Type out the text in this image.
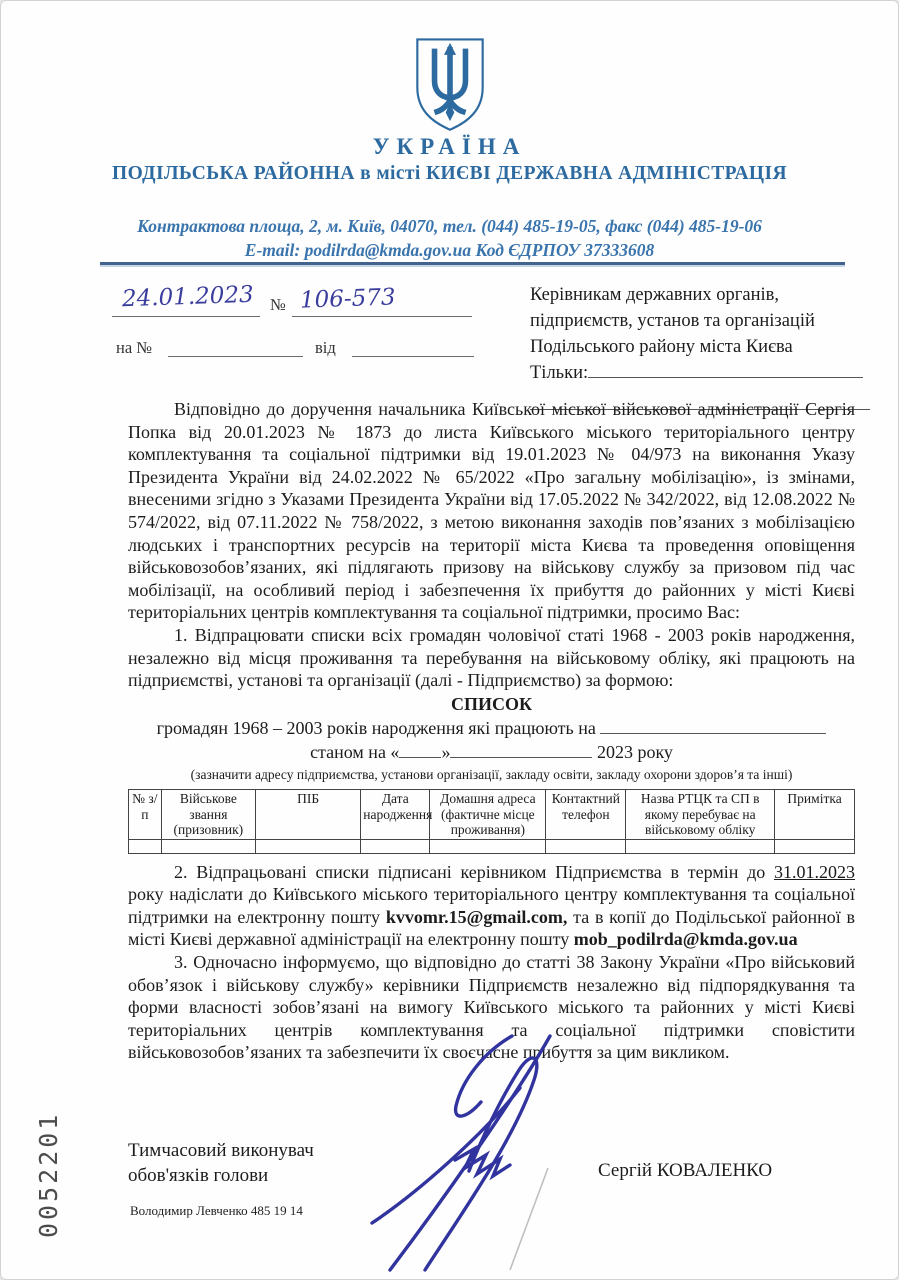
УКРАЇНА
ПОДІЛЬСЬКА РАЙОННА в місті КИЄВІ ДЕРЖАВНА АДМІНІСТРАЦІЯ
Контрактова площа, 2, м. Київ, 04070, тел. (044) 485-19-05, факс (044) 485-19-06
E-mail: podilrda@kmda.gov.ua Код ЄДРПОУ 37333608
24.01.2023 № 106-573
на №	від
Керівникам державних органів,
підприємств, установ та організацій
Подільського району міста Києва
Тільки:

Відповідно до доручення начальника Київської міської військової адміністрації Сергія Попка від 20.01.2023 № 1873 до листа Київського міського територіального центру комплектування та соціальної підтримки від 19.01.2023 № 04/973 на виконання Указу Президента України від 24.02.2022 № 65/2022 «Про загальну мобілізацію», із змінами, внесеними згідно з Указами Президента України від 17.05.2022 № 342/2022, від 12.08.2022 № 574/2022, від 07.11.2022 № 758/2022, з метою виконання заходів пов’язаних з мобілізацією людських і транспортних ресурсів на території міста Києва та проведення оповіщення військовозобов’язаних, які підлягають призову на військову службу за призовом під час мобілізації, на особливий період і забезпечення їх прибуття до районних у місті Києві територіальних центрів комплектування та соціальної підтримки, просимо Вас:

1. Відпрацювати списки всіх громадян чоловічої статі 1968 - 2003 років народження, незалежно від місця проживання та перебування на військовому обліку, які працюють на підприємстві, установі та організації (далі - Підприємство) за формою:

СПИСОК

громадян 1968 – 2003 років народження які працюють на

станом на « »	2023 року

(зазначити адресу підприємства, установи організації, закладу освіти, закладу охорони здоров’я та інші)

№ з/п	Військове звання (призовник)	ПІБ	Дата народження	Домашня адреса (фактичне місце проживання)	Контактний телефон	Назва РТЦК та СП в якому перебуває на військовому обліку	Примітка

2. Відпрацьовані списки підписані керівником Підприємства в термін до 31.01.2023 року надіслати до Київського міського територіального центру комплектування та соціальної підтримки на електронну пошту kvvomr.15@gmail.com, та в копії до Подільської районної в місті Києві державної адміністрації на електронну пошту mob_podilrda@kmda.gov.ua

3. Одночасно інформуємо, що відповідно до статті 38 Закону України «Про військовий обов’язок і військову службу» керівники Підприємств незалежно від підпорядкування та форми власності зобов’язані на вимогу Київського міського та районних у місті Києві територіальних центрів комплектування та соціальної підтримки сповістити військовозобов’язаних та забезпечити їх своєчасне прибуття за цим викликом.

Тимчасовий виконувач
обов'язків голови	Сергій КОВАЛЕНКО
Володимир Левченко 485 19 14
0052201
